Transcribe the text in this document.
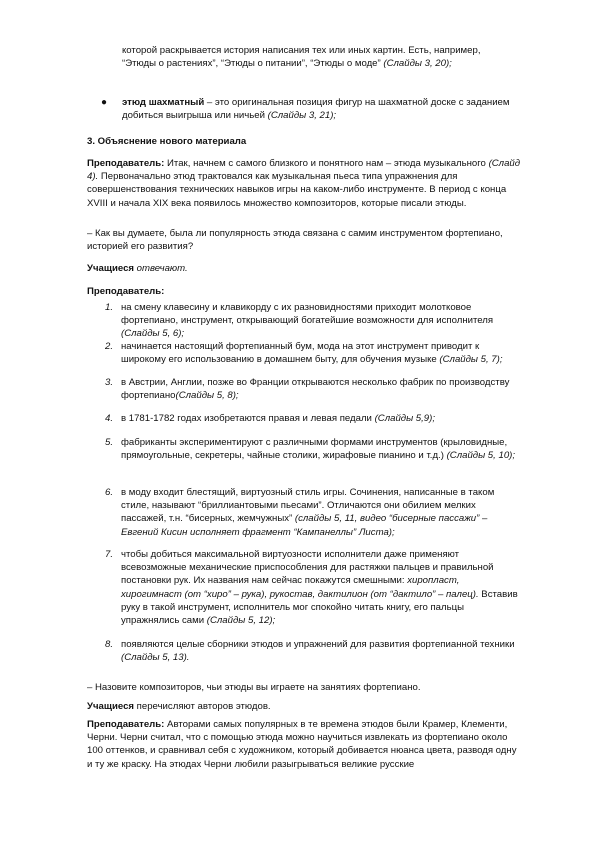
которой раскрывается история написания тех или иных картин. Есть, например, “Этюды о растениях”, “Этюды о питании”, “Этюды о моде” (Слайды 3, 20);
● этюд шахматный – это оригинальная позиция фигур на шахматной доске с заданием добиться выигрыша или ничьей (Слайды 3, 21);
3. Объяснение нового материала
Преподаватель: Итак, начнем с самого близкого и понятного нам – этюда музыкального (Слайд 4). Первоначально этюд трактовался как музыкальная пьеса типа упражнения для совершенствования технических навыков игры на каком-либо инструменте. В период с конца XVIII и начала XIX века появилось множество композиторов, которые писали этюды.
– Как вы думаете, была ли популярность этюда связана с самим инструментом фортепиано, историей его развития?
Учащиеся отвечают.
Преподаватель:
1. на смену клавесину и клавикорду с их разновидностями приходит молотковое фортепиано, инструмент, открывающий богатейшие возможности для исполнителя (Слайды 5, 6);
2. начинается настоящий фортепианный бум, мода на этот инструмент приводит к широкому его использованию в домашнем быту, для обучения музыке (Слайды 5, 7);
3. в Австрии, Англии, позже во Франции открываются несколько фабрик по производству фортепиано(Слайды 5, 8);
4. в 1781-1782 годах изобретаются правая и левая педали (Слайды 5,9);
5. фабриканты экспериментируют с различными формами инструментов (крыловидные, прямоугольные, секретеры, чайные столики, жирафовые пианино и т.д.) (Слайды 5, 10);
6. в моду входит блестящий, виртуозный стиль игры. Сочинения, написанные в таком стиле, называют “бриллиантовыми пьесами”. Отличаются они обилием мелких пассажей, т.н. “бисерных, жемчужных” (слайды 5, 11, видео “бисерные пассажи” – Евгений Кисин исполняет фрагмент “Кампанеллы” Листа);
7. чтобы добиться максимальной виртуозности исполнители даже применяют всевозможные механические приспособления для растяжки пальцев и правильной постановки рук. Их названия нам сейчас покажутся смешными: хиропласт, хирогимнаст (от “хиро” – рука), рукостав, дактилион (от “дактило” – палец). Вставив руку в такой инструмент, исполнитель мог спокойно читать книгу, его пальцы упражнялись сами (Слайды 5, 12);
8. появляются целые сборники этюдов и упражнений для развития фортепианной техники (Слайды 5, 13).
– Назовите композиторов, чьи этюды вы играете на занятиях фортепиано.
Учащиеся перечисляют авторов этюдов.
Преподаватель: Авторами самых популярных в те времена этюдов были Крамер, Клементи, Черни. Черни считал, что с помощью этюда можно научиться извлекать из фортепиано около 100 оттенков, и сравнивал себя с художником, который добивается нюанса цвета, разводя одну и ту же краску. На этюдах Черни любили разыгрываться великие русские
